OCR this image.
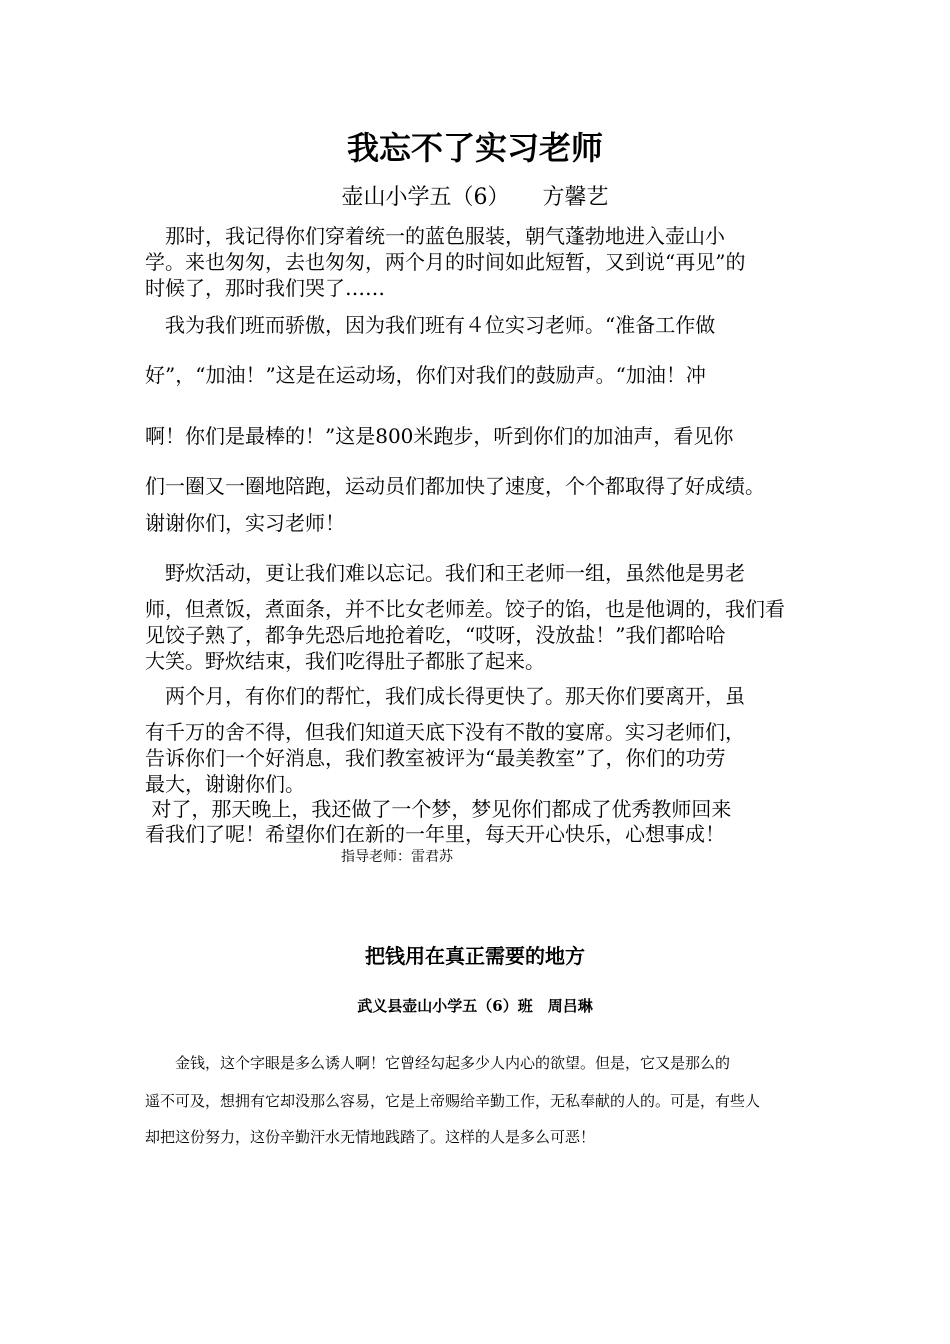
我忘不了实习老师
壶山小学五（6）　　方馨艺
　那时，我记得你们穿着统一的蓝色服装，朝气蓬勃地进入壶山小
学。来也匆匆，去也匆匆，两个月的时间如此短暂，又到说“再见”的
时候了，那时我们哭了……
　我为我们班而骄傲，因为我们班有４位实习老师。“准备工作做
好”，“加油！”这是在运动场，你们对我们的鼓励声。“加油！冲
啊！你们是最棒的！”这是800米跑步，听到你们的加油声，看见你
们一圈又一圈地陪跑，运动员们都加快了速度，个个都取得了好成绩。
谢谢你们，实习老师！
　野炊活动，更让我们难以忘记。我们和王老师一组，虽然他是男老
师，但煮饭，煮面条，并不比女老师差。饺子的馅，也是他调的，我们看
见饺子熟了，都争先恐后地抢着吃，“哎呀，没放盐！”我们都哈哈
大笑。野炊结束，我们吃得肚子都胀了起来。
　两个月，有你们的帮忙，我们成长得更快了。那天你们要离开，虽
有千万的舍不得，但我们知道天底下没有不散的宴席。实习老师们，
告诉你们一个好消息，我们教室被评为“最美教室”了，你们的功劳
最大，谢谢你们。
对了，那天晚上，我还做了一个梦，梦见你们都成了优秀教师回来
看我们了呢！希望你们在新的一年里，每天开心快乐，心想事成！
指导老师：雷君苏
把钱用在真正需要的地方
武义县壶山小学五（6）班　周吕琳
　　金钱，这个字眼是多么诱人啊！它曾经勾起多少人内心的欲望。但是，它又是那么的
遥不可及，想拥有它却没那么容易，它是上帝赐给辛勤工作，无私奉献的人的。可是，有些人
却把这份努力，这份辛勤汗水无情地践踏了。这样的人是多么可恶！
